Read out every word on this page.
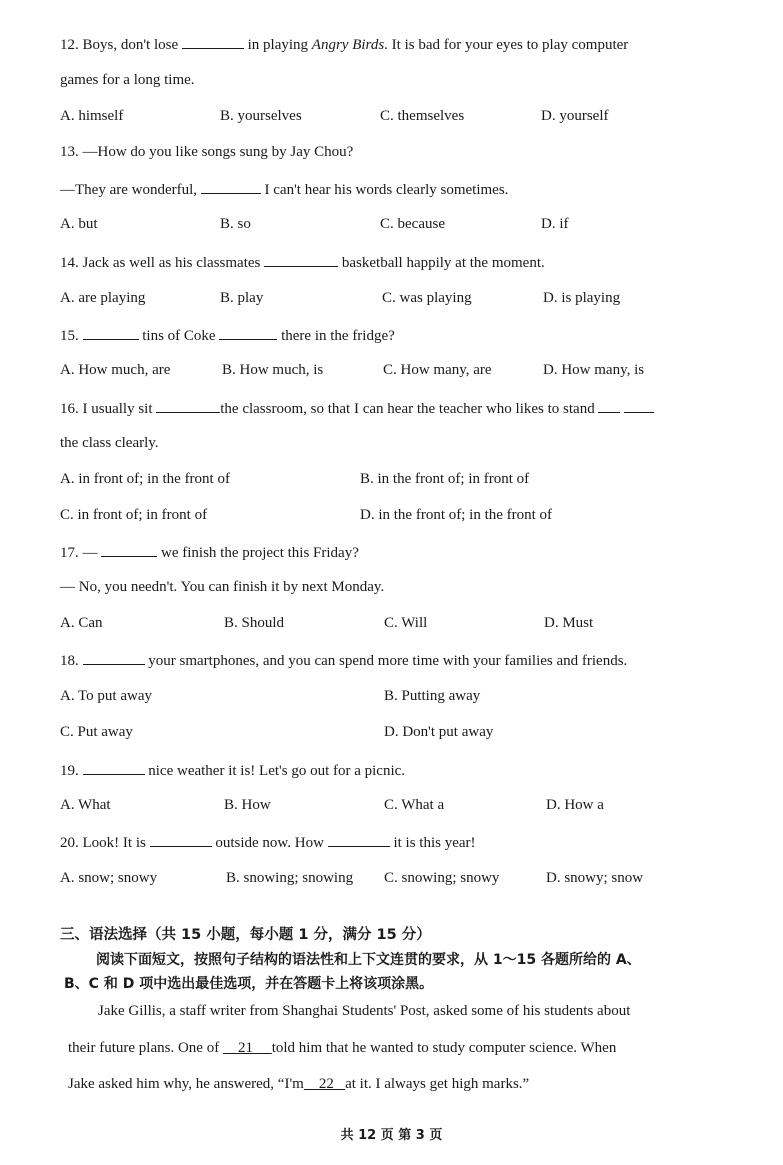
12. Boys, don't lose	in playing Angry Birds. It is bad for your eyes to play computer
games for a long time.
A. himself	B. yourselves	C. themselves	D. yourself
13. —How do you like songs sung by Jay Chou?
—They are wonderful,	I can't hear his words clearly sometimes.
A. but	B. so	C. because	D. if
14. Jack as well as his classmates	basketball happily at the moment.
A. are playing	B. play	C. was playing	D. is playing
15.	tins of Coke	there in the fridge?
A. How much, are	B. How much, is	C. How many, are	D. How many, is
16. I usually sit	the classroom, so that I can hear the teacher who likes to stand
the class clearly.
A. in front of; in the front of	B. in the front of; in front of
C. in front of; in front of	D. in the front of; in the front of
17. —	we finish the project this Friday?
— No, you needn't. You can finish it by next Monday.
A. Can	B. Should	C. Will	D. Must
18.	your smartphones, and you can spend more time with your families and friends.
A. To put away	B. Putting away
C. Put away	D. Don't put away
19.	nice weather it is! Let's go out for a picnic.
A. What	B. How	C. What a	D. How a
20. Look! It is	outside now. How	it is this year!
A. snow; snowy	B. snowing; snowing C. snowing; snowy	D. snowy; snow
三、语法选择（共 15 小题，每小题 1 分，满分 15 分）
阅读下面短文，按照句子结构的语法性和上下文连贯的要求，从 1～15 各题所给的 A、
B、C 和 D 项中选出最佳选项，并在答题卡上将该项涂黑。
Jake Gillis, a staff writer from Shanghai Students' Post, asked some of his students about
their future plans. One of 21 told him that he wanted to study computer science. When
Jake asked him why, he answered, “I'm 22 at it. I always get high marks.”
共 12 页 第 3 页
